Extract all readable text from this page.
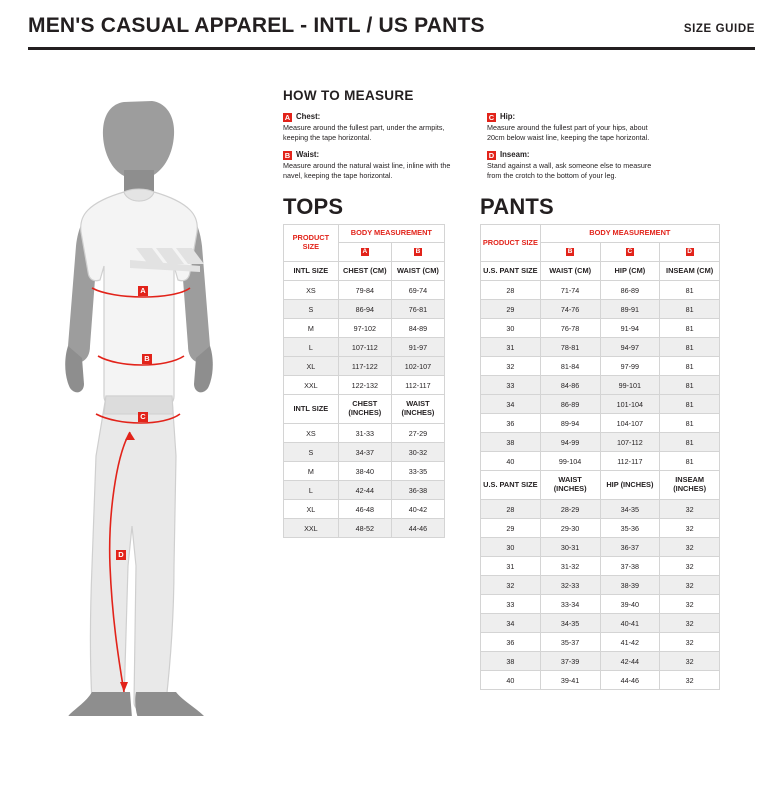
MEN'S CASUAL APPAREL - INTL / US PANTS	SIZE GUIDE
HOW TO MEASURE
A Chest:
Measure around the fullest part, under the armpits, keeping the tape horizontal.
B Waist:
Measure around the natural waist line, inline with the navel, keeping the tape horizontal.
C Hip:
Measure around the fullest part of your hips, about 20cm below waist line, keeping the tape horizontal.
D Inseam:
Stand against a wall, ask someone else to measure from the crotch to the bottom of your leg.
A
B
C
D
TOPS
PRODUCT SIZE	BODY MEASUREMENT	
	A	B
INTL SIZE	CHEST (CM)	WAIST (CM)
XS	79-84	69-74
S	86-94	76-81
M	97-102	84-89
L	107-112	91-97
XL	117-122	102-107
XXL	122-132	112-117
INTL SIZE	CHEST (INCHES)	WAIST (INCHES)
XS	31-33	27-29
S	34-37	30-32
M	38-40	33-35
L	42-44	36-38
XL	46-48	40-42
XXL	48-52	44-46
PANTS
PRODUCT SIZE	BODY MEASUREMENT		
	B	C	D
U.S. PANT SIZE	WAIST (CM)	HIP (CM)	INSEAM (CM)
28	71-74	86-89	81
29	74-76	89-91	81
30	76-78	91-94	81
31	78-81	94-97	81
32	81-84	97-99	81
33	84-86	99-101	81
34	86-89	101-104	81
36	89-94	104-107	81
38	94-99	107-112	81
40	99-104	112-117	81
U.S. PANT SIZE	WAIST (INCHES)	HIP (INCHES)	INSEAM (INCHES)
28	28-29	34-35	32
29	29-30	35-36	32
30	30-31	36-37	32
31	31-32	37-38	32
32	32-33	38-39	32
33	33-34	39-40	32
34	34-35	40-41	32
36	35-37	41-42	32
38	37-39	42-44	32
40	39-41	44-46	32
